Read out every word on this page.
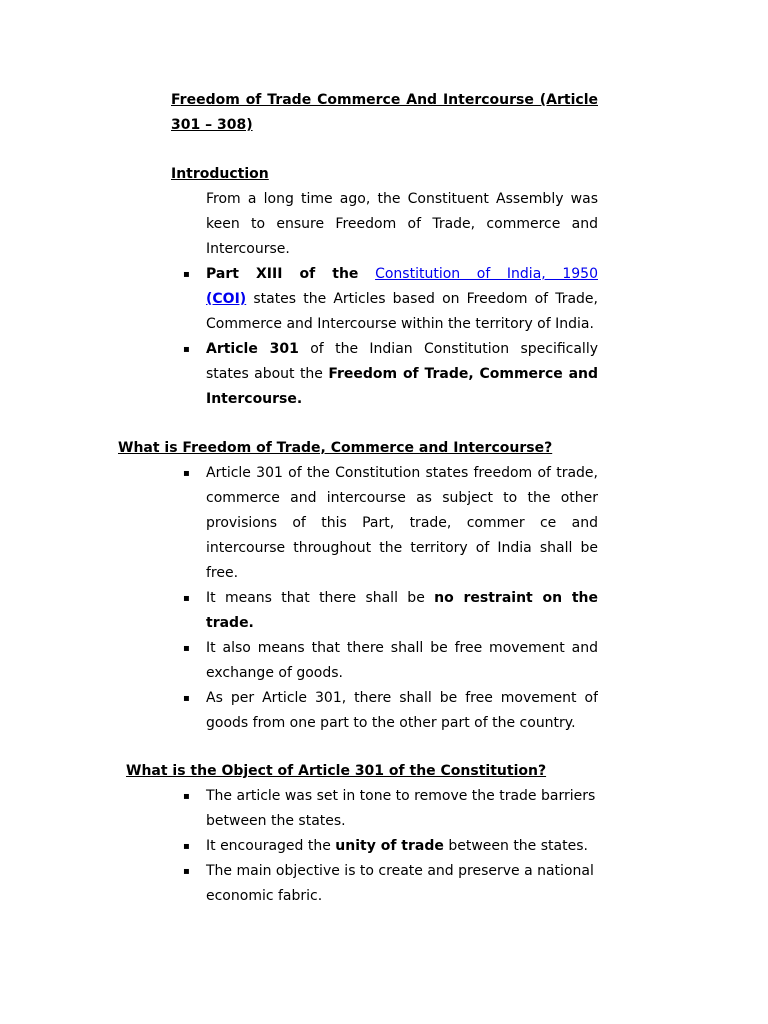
Freedom of Trade Commerce And Intercourse (Article
301 – 308)
Introduction
From a long time ago, the Constituent Assembly was
keen to ensure Freedom of Trade, commerce and
Intercourse.
▪ Part XIII of the Constitution of India, 1950
(COI) states the Articles based on Freedom of Trade,
Commerce and Intercourse within the territory of India.
▪ Article 301 of the Indian Constitution specifically
states about the Freedom of Trade, Commerce and
Intercourse.
What is Freedom of Trade, Commerce and Intercourse?
▪ Article 301 of the Constitution states freedom of trade,
commerce and intercourse as subject to the other
provisions of this Part, trade, commer ce and
intercourse throughout the territory of India shall be
free.
▪ It means that there shall be no restraint on the
trade.
▪ It also means that there shall be free movement and
exchange of goods.
▪ As per Article 301, there shall be free movement of
goods from one part to the other part of the country.
What is the Object of Article 301 of the Constitution?
▪ The article was set in tone to remove the trade barriers
between the states.
▪ It encouraged the unity of trade between the states.
▪ The main objective is to create and preserve a national
economic fabric.
